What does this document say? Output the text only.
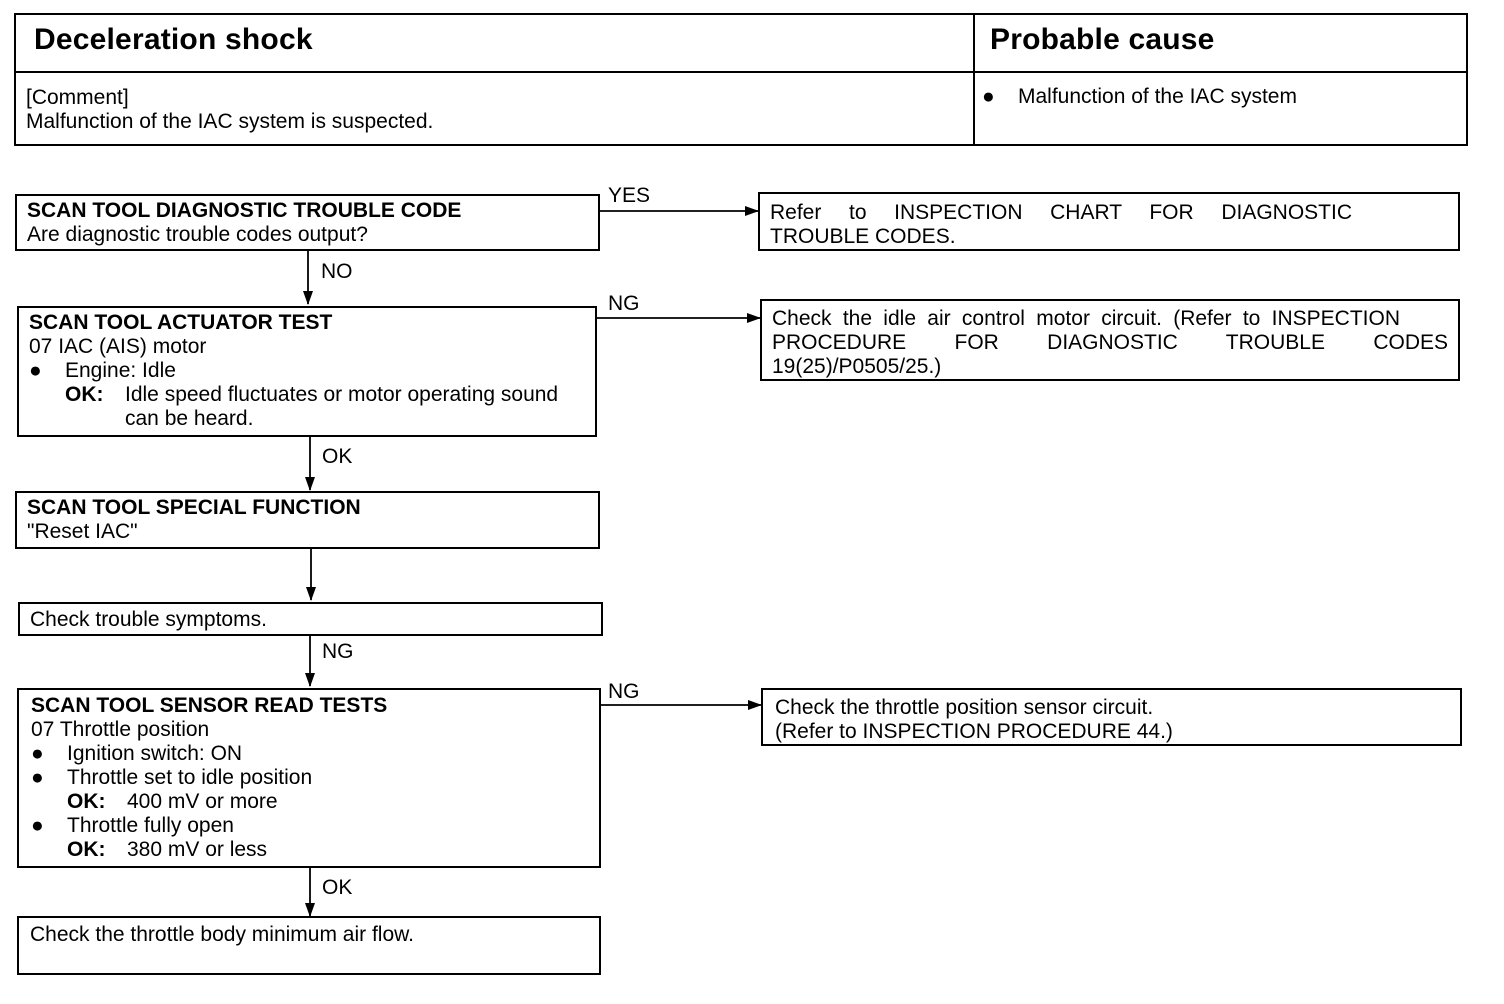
Deceleration shock	Probable cause
[Comment]
Malfunction of the IAC system is suspected.
● Malfunction of the IAC system
YES
NO
NG
OK
NG
NG
OK
SCAN TOOL DIAGNOSTIC TROUBLE CODE
Are diagnostic trouble codes output?
SCAN TOOL ACTUATOR TEST
07 IAC (AIS) motor
● Engine: Idle
OK: Idle speed fluctuates or motor operating sound
can be heard.
SCAN TOOL SPECIAL FUNCTION
"Reset IAC"
Check trouble symptoms.
SCAN TOOL SENSOR READ TESTS
07 Throttle position
● Ignition switch: ON
● Throttle set to idle position
OK: 400 mV or more
● Throttle fully open
OK: 380 mV or less
Check the throttle body minimum air flow.
Refer to INSPECTION CHART FOR DIAGNOSTIC
TROUBLE CODES.
Check the idle air control motor circuit. (Refer to INSPECTION
PROCEDURE FOR DIAGNOSTIC TROUBLE CODES
19(25)/P0505/25.)
Check the throttle position sensor circuit.
(Refer to INSPECTION PROCEDURE 44.)
